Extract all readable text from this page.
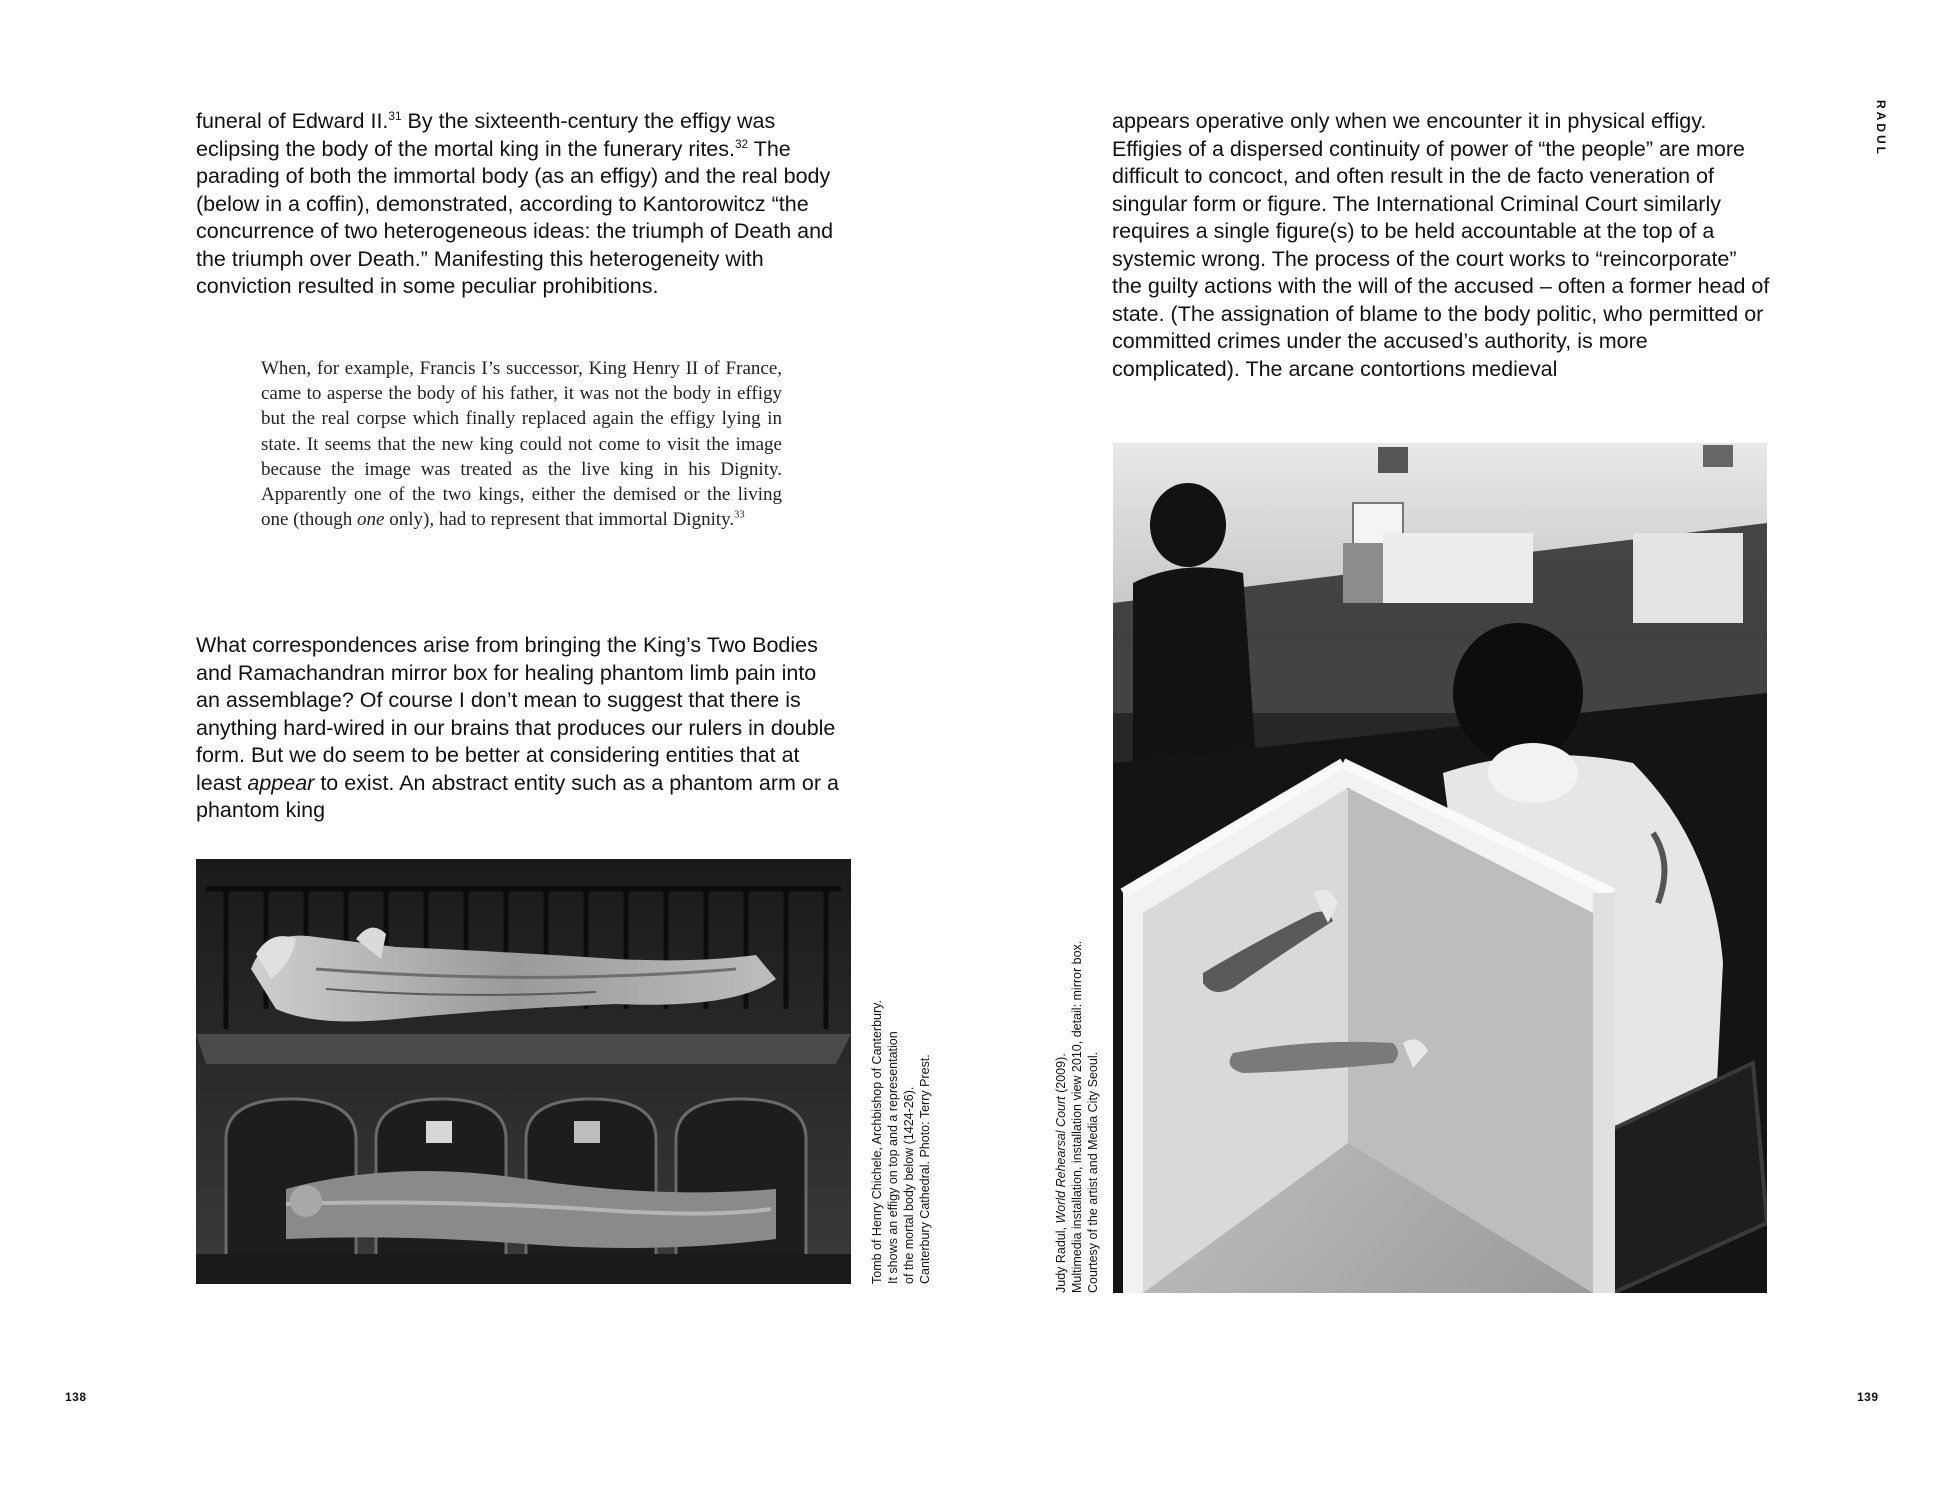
funeral of Edward II.$^{31}$ By the sixteenth-century the effigy was eclipsing the body of the mortal king in the funerary rites.$^{32}$ The parading of both the immortal body (as an effigy) and the real body (below in a coffin), demonstrated, according to Kantorowitcz “the concurrence of two heterogeneous ideas: the triumph of Death and the triumph over Death.” Manifesting this heterogeneity with conviction resulted in some peculiar prohibitions.

When, for example, Francis I’s successor, King Henry II of France, came to asperse the body of his father, it was not the body in effigy but the real corpse which finally replaced again the effigy lying in state. It seems that the new king could not come to visit the image because the image was treated as the live king in his Dignity. Apparently one of the two kings, either the demised or the living one (though one only), had to represent that immortal Dignity.$^{33}$

What correspondences arise from bringing the King’s Two Bodies and Ramachandran mirror box for healing phantom limb pain into an assemblage? Of course I don’t mean to suggest that there is anything hard-wired in our brains that produces our rulers in double form. But we do seem to be better at considering entities that at least appear to exist. An abstract entity such as a phantom arm or a phantom king

Tomb of Henry Chichele, Archbishop of Canterbury. It shows an effigy on top and a representation of the mortal body below (1424-26). Canterbury Cathedral. Photo: Terry Prest.
138

appears operative only when we encounter it in physical effigy. Effigies of a dispersed continuity of power of “the people” are more difficult to concoct, and often result in the de facto veneration of singular form or figure. The International Criminal Court similarly requires a single figure(s) to be held accountable at the top of a systemic wrong. The process of the court works to “reincorporate” the guilty actions with the will of the accused – often a former head of state. (The assignation of blame to the body politic, who permitted or committed crimes under the accused’s authority, is more complicated). The arcane contortions medieval

Judy Radul, World Rehearsal Court (2009). Multimedia installation, installation view 2010, detail: mirror box. Courtesy of the artist and Media City Seoul.
RADUL
139
